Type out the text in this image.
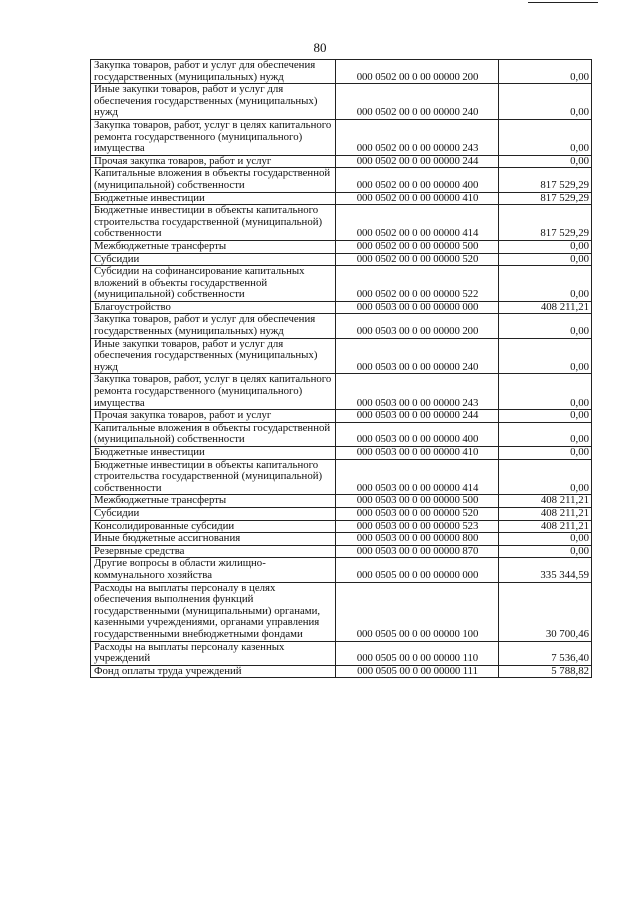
80
Закупка товаров, работ и услуг для обеспечения государственных (муниципальных) нужд	000 0502 00 0 00 00000 200	0,00
Иные закупки товаров, работ и услуг для обеспечения государственных (муниципальных) нужд	000 0502 00 0 00 00000 240	0,00
Закупка товаров, работ, услуг в целях капитального ремонта государственного (муниципального) имущества	000 0502 00 0 00 00000 243	0,00
Прочая закупка товаров, работ и услуг	000 0502 00 0 00 00000 244	0,00
Капитальные вложения в объекты государственной (муниципальной) собственности	000 0502 00 0 00 00000 400	817 529,29
Бюджетные инвестиции	000 0502 00 0 00 00000 410	817 529,29
Бюджетные инвестиции в объекты капитального строительства государственной (муниципальной) собственности	000 0502 00 0 00 00000 414	817 529,29
Межбюджетные трансферты	000 0502 00 0 00 00000 500	0,00
Субсидии	000 0502 00 0 00 00000 520	0,00
Субсидии на софинансирование капитальных вложений в объекты государственной (муниципальной) собственности	000 0502 00 0 00 00000 522	0,00
Благоустройство	000 0503 00 0 00 00000 000	408 211,21
Закупка товаров, работ и услуг для обеспечения государственных (муниципальных) нужд	000 0503 00 0 00 00000 200	0,00
Иные закупки товаров, работ и услуг для обеспечения государственных (муниципальных) нужд	000 0503 00 0 00 00000 240	0,00
Закупка товаров, работ, услуг в целях капитального ремонта государственного (муниципального) имущества	000 0503 00 0 00 00000 243	0,00
Прочая закупка товаров, работ и услуг	000 0503 00 0 00 00000 244	0,00
Капитальные вложения в объекты государственной (муниципальной) собственности	000 0503 00 0 00 00000 400	0,00
Бюджетные инвестиции	000 0503 00 0 00 00000 410	0,00
Бюджетные инвестиции в объекты капитального строительства государственной (муниципальной) собственности	000 0503 00 0 00 00000 414	0,00
Межбюджетные трансферты	000 0503 00 0 00 00000 500	408 211,21
Субсидии	000 0503 00 0 00 00000 520	408 211,21
Консолидированные субсидии	000 0503 00 0 00 00000 523	408 211,21
Иные бюджетные ассигнования	000 0503 00 0 00 00000 800	0,00
Резервные средства	000 0503 00 0 00 00000 870	0,00
Другие вопросы в области жилищно-коммунального хозяйства	000 0505 00 0 00 00000 000	335 344,59
Расходы на выплаты персоналу в целях обеспечения выполнения функций государственными (муниципальными) органами, казенными учреждениями, органами управления государственными внебюджетными фондами	000 0505 00 0 00 00000 100	30 700,46
Расходы на выплаты персоналу казенных учреждений	000 0505 00 0 00 00000 110	7 536,40
Фонд оплаты труда учреждений	000 0505 00 0 00 00000 111	5 788,82
